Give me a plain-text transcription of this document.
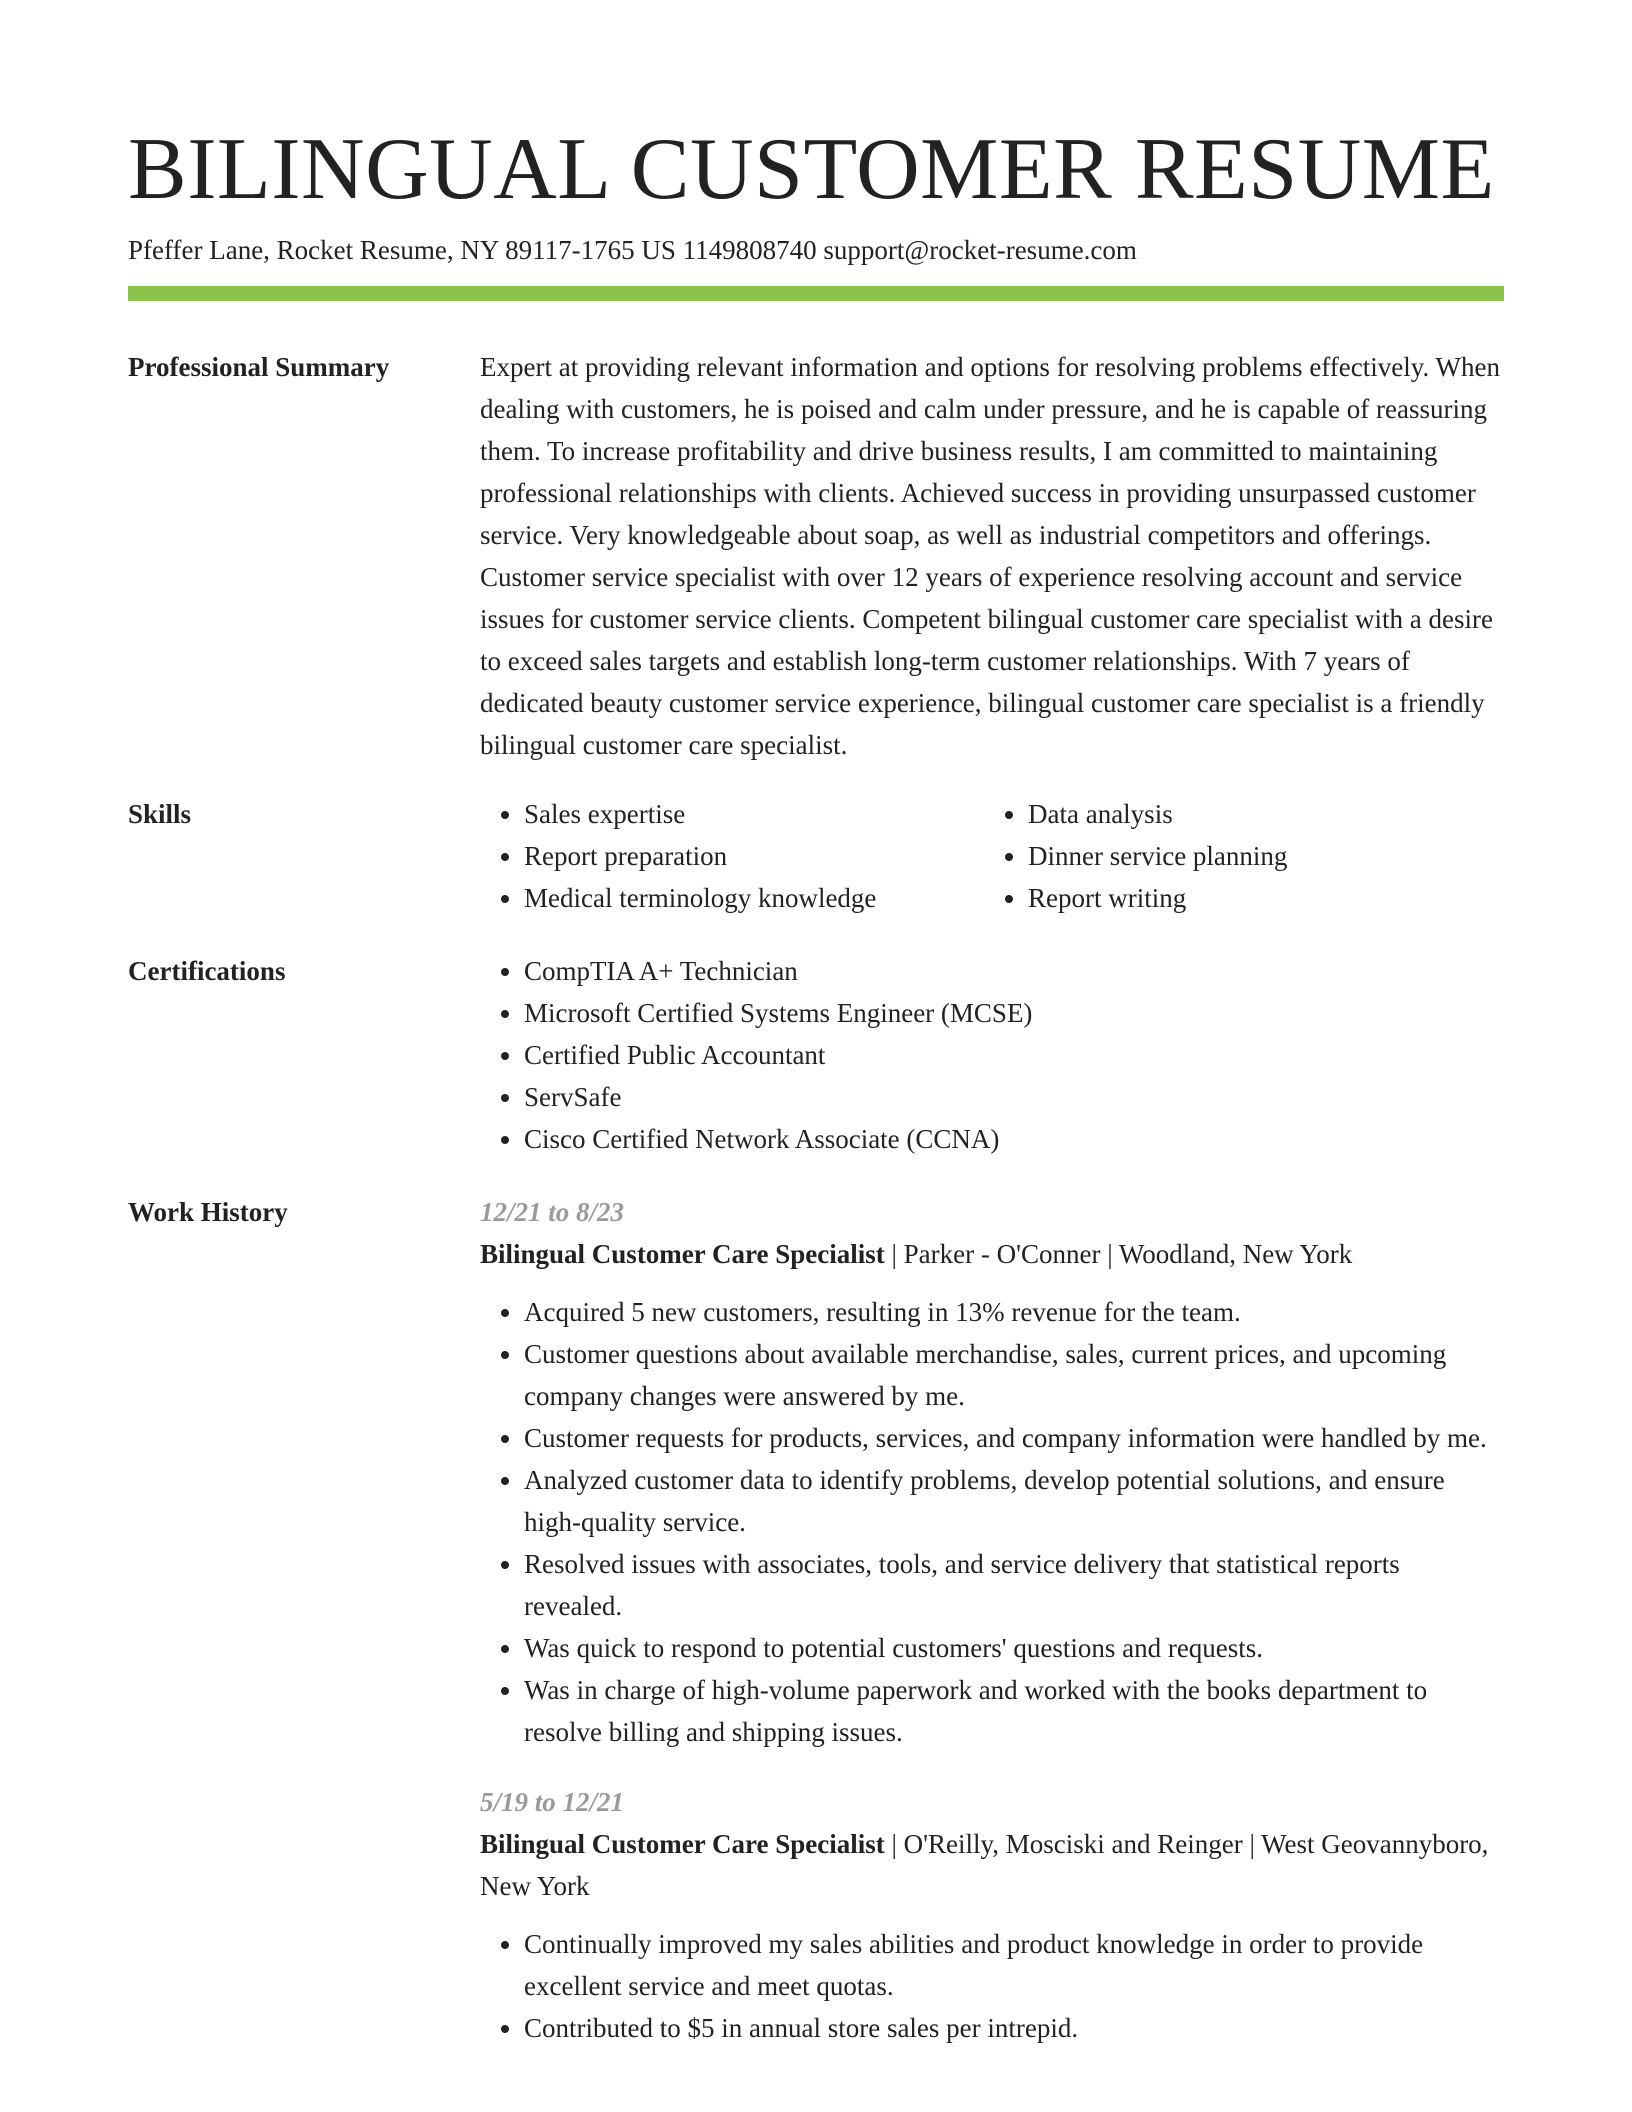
BILINGUAL CUSTOMER RESUME
Pfeffer Lane, Rocket Resume, NY 89117-1765 US 1149808740 support@rocket-resume.com
Professional Summary	Expert at providing relevant information and options for resolving problems effectively. When dealing with customers, he is poised and calm under pressure, and he is capable of reassuring them. To increase profitability and drive business results, I am committed to maintaining professional relationships with clients. Achieved success in providing unsurpassed customer service. Very knowledgeable about soap, as well as industrial competitors and offerings. Customer service specialist with over 12 years of experience resolving account and service issues for customer service clients. Competent bilingual customer care specialist with a desire to exceed sales targets and establish long-term customer relationships. With 7 years of dedicated beauty customer service experience, bilingual customer care specialist is a friendly bilingual customer care specialist.

Skills	• Sales expertise
• Report preparation
• Medical terminology knowledge
• Data analysis
• Dinner service planning
• Report writing
Certifications	• CompTIA A+ Technician
• Microsoft Certified Systems Engineer (MCSE)
• Certified Public Accountant
• ServSafe
• Cisco Certified Network Associate (CCNA)
Work History	12/21 to 8/23
Bilingual Customer Care Specialist | Parker - O'Conner | Woodland, New York
• Acquired 5 new customers, resulting in 13% revenue for the team.
• Customer questions about available merchandise, sales, current prices, and upcoming company changes were answered by me.
• Customer requests for products, services, and company information were handled by me.
• Analyzed customer data to identify problems, develop potential solutions, and ensure high-quality service.
• Resolved issues with associates, tools, and service delivery that statistical reports revealed.
• Was quick to respond to potential customers' questions and requests.
• Was in charge of high-volume paperwork and worked with the books department to resolve billing and shipping issues.
5/19 to 12/21
Bilingual Customer Care Specialist | O'Reilly, Mosciski and Reinger | West Geovannyboro, New York
• Continually improved my sales abilities and product knowledge in order to provide excellent service and meet quotas.
• Contributed to $5 in annual store sales per intrepid.
